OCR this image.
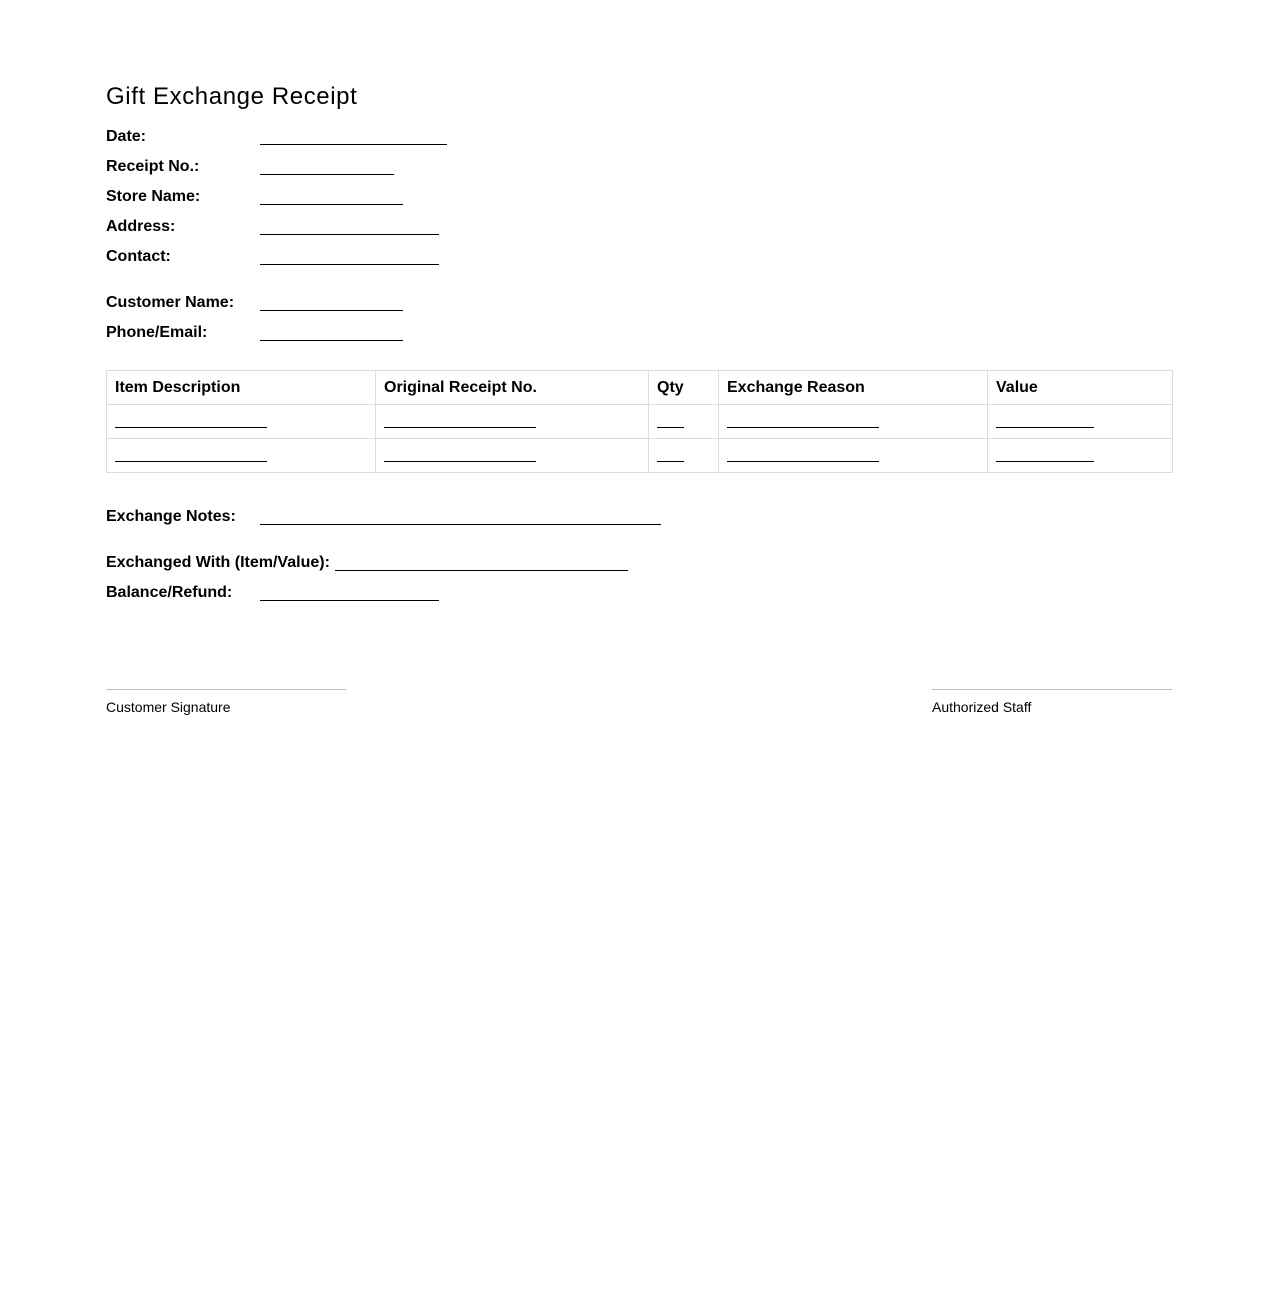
Gift Exchange Receipt
Date:
Receipt No.:
Store Name:
Address:
Contact:
Customer Name:
Phone/Email:
Item Description	Original Receipt No.	Qty	Exchange Reason	Value

Exchange Notes:
Exchanged With (Item/Value):
Balance/Refund:
Customer Signature	Authorized Staff
